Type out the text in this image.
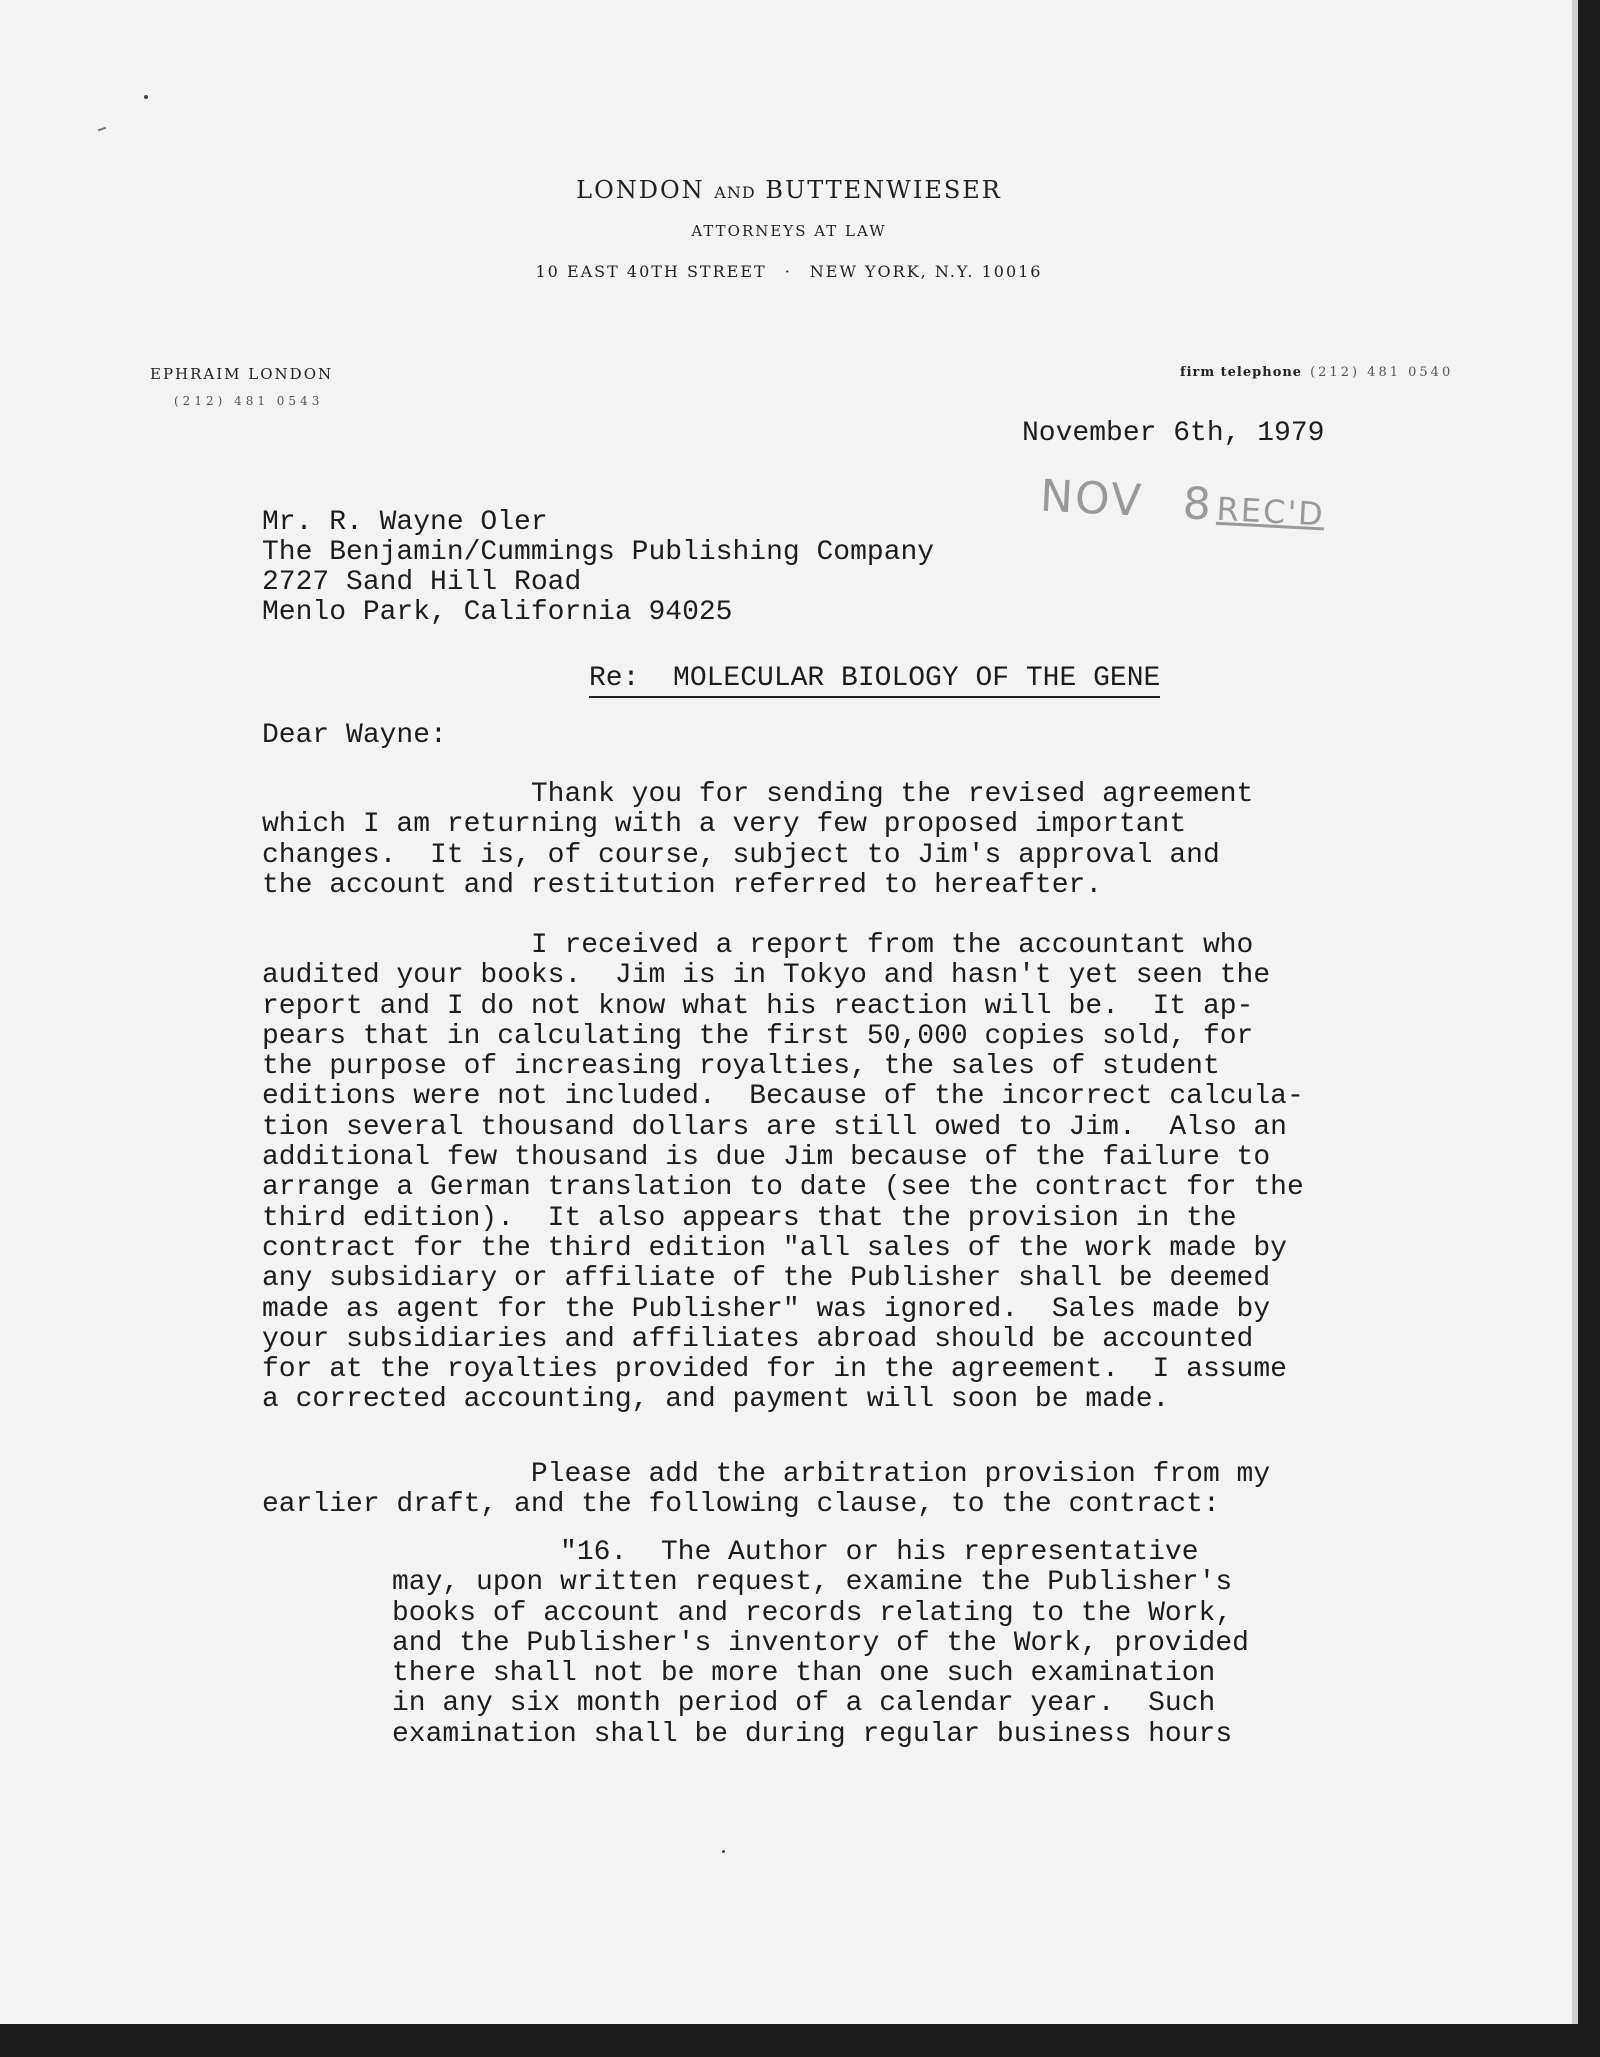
LONDON AND BUTTENWIESER
ATTORNEYS AT LAW
10 EAST 40TH STREET · NEW YORK, N.Y. 10016
EPHRAIM LONDON
(212) 481 0543
firm telephone (212) 481 0540
NOV 8REC'D
November 6th, 1979
Mr. R. Wayne Oler
The Benjamin/Cummings Publishing Company
2727 Sand Hill Road
Menlo Park, California 94025
Re:  MOLECULAR BIOLOGY OF THE GENE
Dear Wayne:
Thank you for sending the revised agreement
which I am returning with a very few proposed important
changes.  It is, of course, subject to Jim's approval and
the account and restitution referred to hereafter.
I received a report from the accountant who
audited your books.  Jim is in Tokyo and hasn't yet seen the
report and I do not know what his reaction will be.  It ap-
pears that in calculating the first 50,000 copies sold, for
the purpose of increasing royalties, the sales of student
editions were not included.  Because of the incorrect calcula-
tion several thousand dollars are still owed to Jim.  Also an
additional few thousand is due Jim because of the failure to
arrange a German translation to date (see the contract for the
third edition).  It also appears that the provision in the
contract for the third edition "all sales of the work made by
any subsidiary or affiliate of the Publisher shall be deemed
made as agent for the Publisher" was ignored.  Sales made by
your subsidiaries and affiliates abroad should be accounted
for at the royalties provided for in the agreement.  I assume
a corrected accounting, and payment will soon be made.
Please add the arbitration provision from my
earlier draft, and the following clause, to the contract:
"16.  The Author or his representative
may, upon written request, examine the Publisher's
books of account and records relating to the Work,
and the Publisher's inventory of the Work, provided
there shall not be more than one such examination
in any six month period of a calendar year.  Such
examination shall be during regular business hours
